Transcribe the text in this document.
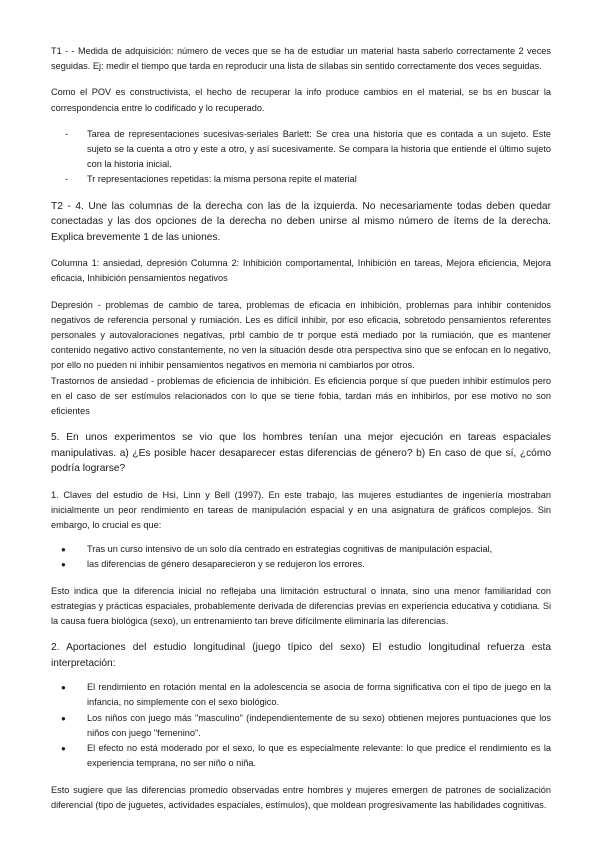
T1 - - Medida de adquisición: número de veces que se ha de estudiar un material hasta saberlo correctamente 2 veces seguidas. Ej: medir el tiempo que tarda en reproducir una lista de sílabas sin sentido correctamente dos veces seguidas.

Como el POV es constructivista, el hecho de recuperar la info produce cambios en el material, se bs en buscar la correspondencia entre lo codificado y lo recuperado.

- Tarea de representaciones sucesivas-seriales Barlett: Se crea una historia que es contada a un sujeto. Este sujeto se la cuenta a otro y este a otro, y así sucesivamente. Se compara la historia que entiende el último sujeto con la historia inicial.
- Tr representaciones repetidas: la misma persona repite el material

T2 - 4. Une las columnas de la derecha con las de la izquierda. No necesariamente todas deben quedar conectadas y las dos opciones de la derecha no deben unirse al mismo número de ítems de la derecha. Explica brevemente 1 de las uniones.

Columna 1: ansiedad, depresión Columna 2: Inhibición comportamental, Inhibición en tareas, Mejora eficiencia, Mejora eficacia, Inhibición pensamientos negativos

Depresión - problemas de cambio de tarea, problemas de eficacia en inhibición, problemas para inhibir contenidos negativos de referencia personal y rumiación. Les es difícil inhibir, por eso eficacia, sobretodo pensamientos referentes personales y autovaloraciones negativas, prbl cambio de tr porque está mediado por la rumiación, que es mantener contenido negativo activo constantemente, no ven la situación desde otra perspectiva sino que se enfocan en lo negativo, por ello no pueden ni inhibir pensamientos negativos en memoria ni cambiarlos por otros.

Trastornos de ansiedad - problemas de eficiencia de inhibición. Es eficiencia porque sí que pueden inhibir estímulos pero en el caso de ser estímulos relacionados con lo que se tiene fobia, tardan más en inhibirlos, por ese motivo no son eficientes

5. En unos experimentos se vio que los hombres tenían una mejor ejecución en tareas espaciales manipulativas. a) ¿Es posible hacer desaparecer estas diferencias de género? b) En caso de que sí, ¿cómo podría lograrse?

1. Claves del estudio de Hsi, Linn y Bell (1997). En este trabajo, las mujeres estudiantes de ingeniería mostraban inicialmente un peor rendimiento en tareas de manipulación espacial y en una asignatura de gráficos complejos. Sin embargo, lo crucial es que:

● Tras un curso intensivo de un solo día centrado en estrategias cognitivas de manipulación espacial,
● las diferencias de género desaparecieron y se redujeron los errores.

Esto indica que la diferencia inicial no reflejaba una limitación estructural o innata, sino una menor familiaridad con estrategias y prácticas espaciales, probablemente derivada de diferencias previas en experiencia educativa y cotidiana. Si la causa fuera biológica (sexo), un entrenamiento tan breve difícilmente eliminaría las diferencias.

2. Aportaciones del estudio longitudinal (juego típico del sexo) El estudio longitudinal refuerza esta interpretación:

● El rendimiento en rotación mental en la adolescencia se asocia de forma significativa con el tipo de juego en la infancia, no simplemente con el sexo biológico.
● Los niños con juego más "masculino" (independientemente de su sexo) obtienen mejores puntuaciones que los niños con juego "femenino".
● El efecto no está moderado por el sexo, lo que es especialmente relevante: lo que predice el rendimiento es la experiencia temprana, no ser niño o niña.

Esto sugiere que las diferencias promedio observadas entre hombres y mujeres emergen de patrones de socialización diferencial (tipo de juguetes, actividades espaciales, estímulos), que moldean progresivamente las habilidades cognitivas.
